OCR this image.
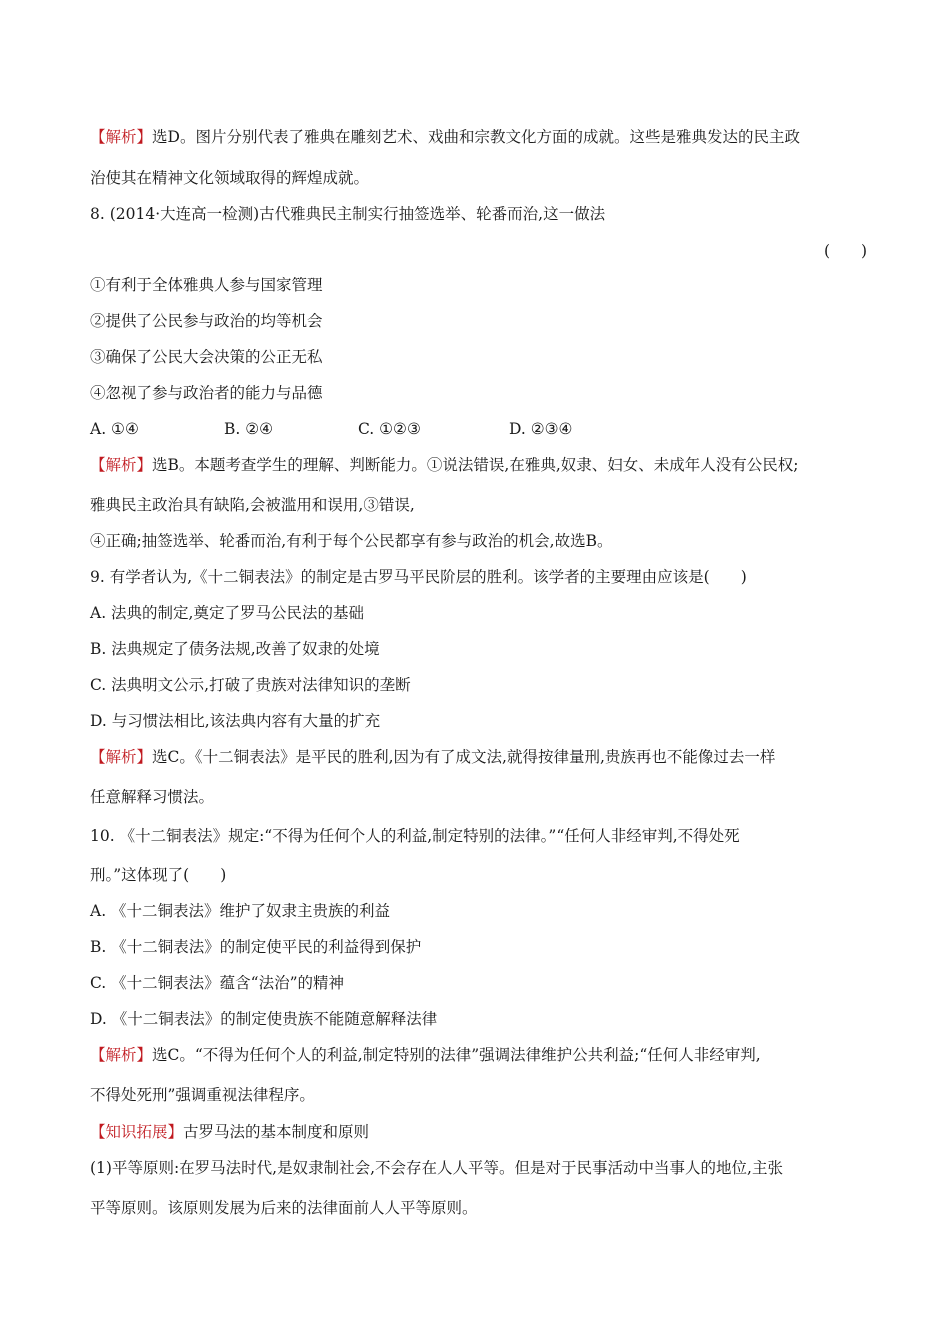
【解析】选D。图片分别代表了雅典在雕刻艺术、戏曲和宗教文化方面的成就。这些是雅典发达的民主政
治使其在精神文化领域取得的辉煌成就。
8. (2014·大连高一检测)古代雅典民主制实行抽签选举、轮番而治,这一做法
(　　)
①有利于全体雅典人参与国家管理
②提供了公民参与政治的均等机会
③确保了公民大会决策的公正无私
④忽视了参与政治者的能力与品德
A. ①④	B. ②④	C. ①②③	D. ②③④
【解析】选B。本题考查学生的理解、判断能力。①说法错误,在雅典,奴隶、妇女、未成年人没有公民权;
雅典民主政治具有缺陷,会被滥用和误用,③错误,
④正确;抽签选举、轮番而治,有利于每个公民都享有参与政治的机会,故选B。
9. 有学者认为,《十二铜表法》的制定是古罗马平民阶层的胜利。该学者的主要理由应该是(　　)
A. 法典的制定,奠定了罗马公民法的基础
B. 法典规定了债务法规,改善了奴隶的处境
C. 法典明文公示,打破了贵族对法律知识的垄断
D. 与习惯法相比,该法典内容有大量的扩充
【解析】选C。《十二铜表法》是平民的胜利,因为有了成文法,就得按律量刑,贵族再也不能像过去一样
任意解释习惯法。
10. 《十二铜表法》规定:“不得为任何个人的利益,制定特别的法律。”“任何人非经审判,不得处死
刑。”这体现了(　　)
A. 《十二铜表法》维护了奴隶主贵族的利益
B. 《十二铜表法》的制定使平民的利益得到保护
C. 《十二铜表法》蕴含“法治”的精神
D. 《十二铜表法》的制定使贵族不能随意解释法律
【解析】选C。“不得为任何个人的利益,制定特别的法律”强调法律维护公共利益;“任何人非经审判,
不得处死刑”强调重视法律程序。
【知识拓展】古罗马法的基本制度和原则
(1)平等原则:在罗马法时代,是奴隶制社会,不会存在人人平等。但是对于民事活动中当事人的地位,主张
平等原则。该原则发展为后来的法律面前人人平等原则。
